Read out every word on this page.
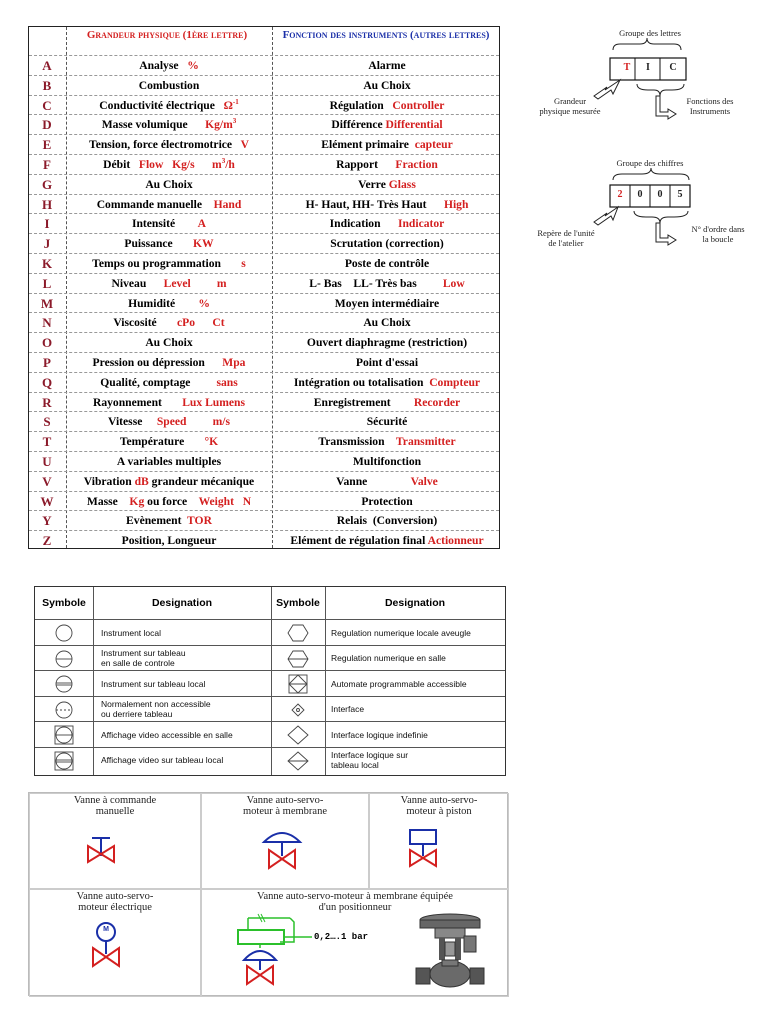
Grandeur physique (1ère lettre)	Fonction des instruments (autres lettres)
A	Analyse   %	Alarme
B	Combustion	Au Choix
C	Conductivité électrique   $\Omega^{-1}$	Régulation   Controller
D	Masse volumique      $Kg/m^3$	Différence Differential
E	Tension, force électromotrice   V	Elément primaire  capteur
F	Débit   Flow Kg/s $m^3/h$	Rapport      Fraction
G	Au Choix	Verre Glass
H	Commande manuelle    Hand	H- Haut, HH- Très Haut      High
I	Intensité        A	Indication      Indicator
J	Puissance       KW	Scrutation (correction)
K	Temps ou programmation       s	Poste de contrôle
L	Niveau      Level m	L- Bas    LL- Très bas         Low
M	Humidité        %	Moyen intermédiaire
N	Viscosité       cPo Ct	Au Choix
O	Au Choix	Ouvert diaphragme (restriction)
P	Pression ou dépression      Mpa	Point d'essai
Q	Qualité, comptage         sans	Intégration ou totalisation  Compteur
R	Rayonnement       Lux Lumens	Enregistrement        Recorder
S	Vitesse     Speed m/s	Sécurité
T	Température       °K	Transmission    Transmitter
U	A variables multiples	Multifonction
V	Vibration dB grandeur mécanique	Vanne               Valve
W	Masse    Kg ou force    Weight N	Protection
Y	Evènement  TOR	Relais  (Conversion)
Z	Position, Longueur	Elément de régulation final Actionneur
Groupe des lettres
T	I	C
Grandeur
physique mesurée
Fonctions des
Instruments
Groupe des chiffres
2	0	0	5
Repère de l'unité
de l'atelier
N° d'ordre dans
la boucle
Symbole	Designation	Symbole	Designation
Instrument local	Regulation numerique locale aveugle
Instrument sur tableau
en salle de controle	Regulation numerique en salle
Instrument sur tableau local	Automate programmable accessible
Normalement non accessible
ou derriere tableau	Interface
Affichage video accessible en salle	Interface logique indefinie
Affichage video sur tableau local	Interface logique sur
tableau local
Vanne à commande
manuelle
Vanne auto-servo-
moteur à membrane
Vanne auto-servo-
moteur à piston
Vanne auto-servo-
moteur électrique
M
Vanne auto-servo-moteur à membrane équipée
d'un positionneur
0,2….1 bar
